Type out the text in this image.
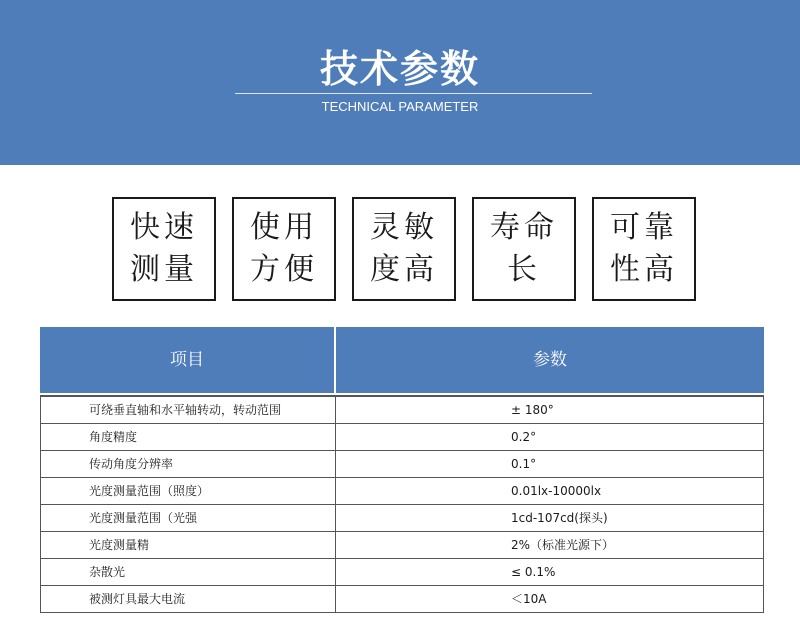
技术参数
TECHNICAL PARAMETER
快速
测量
使用
方便
灵敏
度高
寿命
长
可靠
性高
项目	参数
可绕垂直轴和水平轴转动，转动范围	± 180°
角度精度	0.2°
传动角度分辨率	0.1°
光度测量范围（照度）	0.01lx-10000lx
光度测量范围（光强	1cd-107cd(探头)
光度测量精	2%（标准光源下）
杂散光	≤ 0.1%
被测灯具最大电流	＜10A
